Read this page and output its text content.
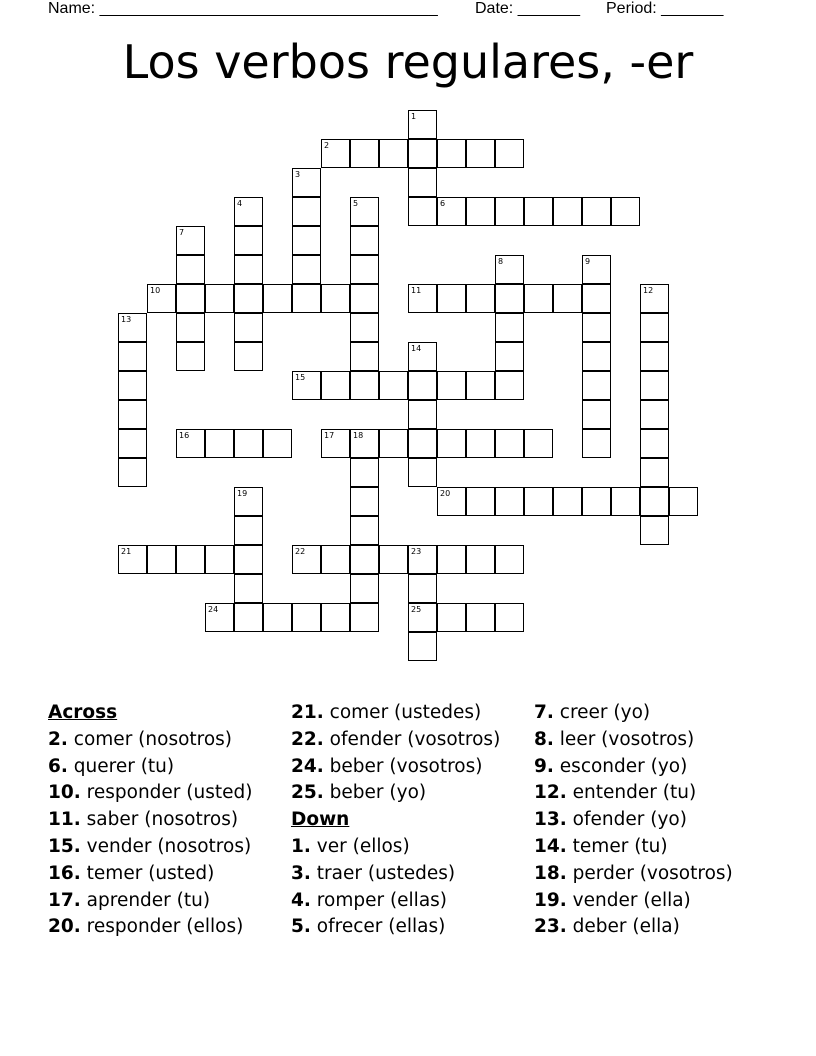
Name: ______________________________________ Date: _______ Period: _______
Los verbos regulares, -er
1
2
3
4	5	6
7
8	9
10	11	12
13
14
15
16	17 18
19	20
21	22	23
25
24
Across
2. comer (nosotros)
6. querer (tu)
10. responder (usted)
11. saber (nosotros)
15. vender (nosotros)
16. temer (usted)
17. aprender (tu)
20. responder (ellos)
21. comer (ustedes)
22. ofender (vosotros)
24. beber (vosotros)
25. beber (yo)
Down
1. ver (ellos)
3. traer (ustedes)
4. romper (ellas)
5. ofrecer (ellas)
7. creer (yo)
8. leer (vosotros)
9. esconder (yo)
12. entender (tu)
13. ofender (yo)
14. temer (tu)
18. perder (vosotros)
19. vender (ella)
23. deber (ella)
